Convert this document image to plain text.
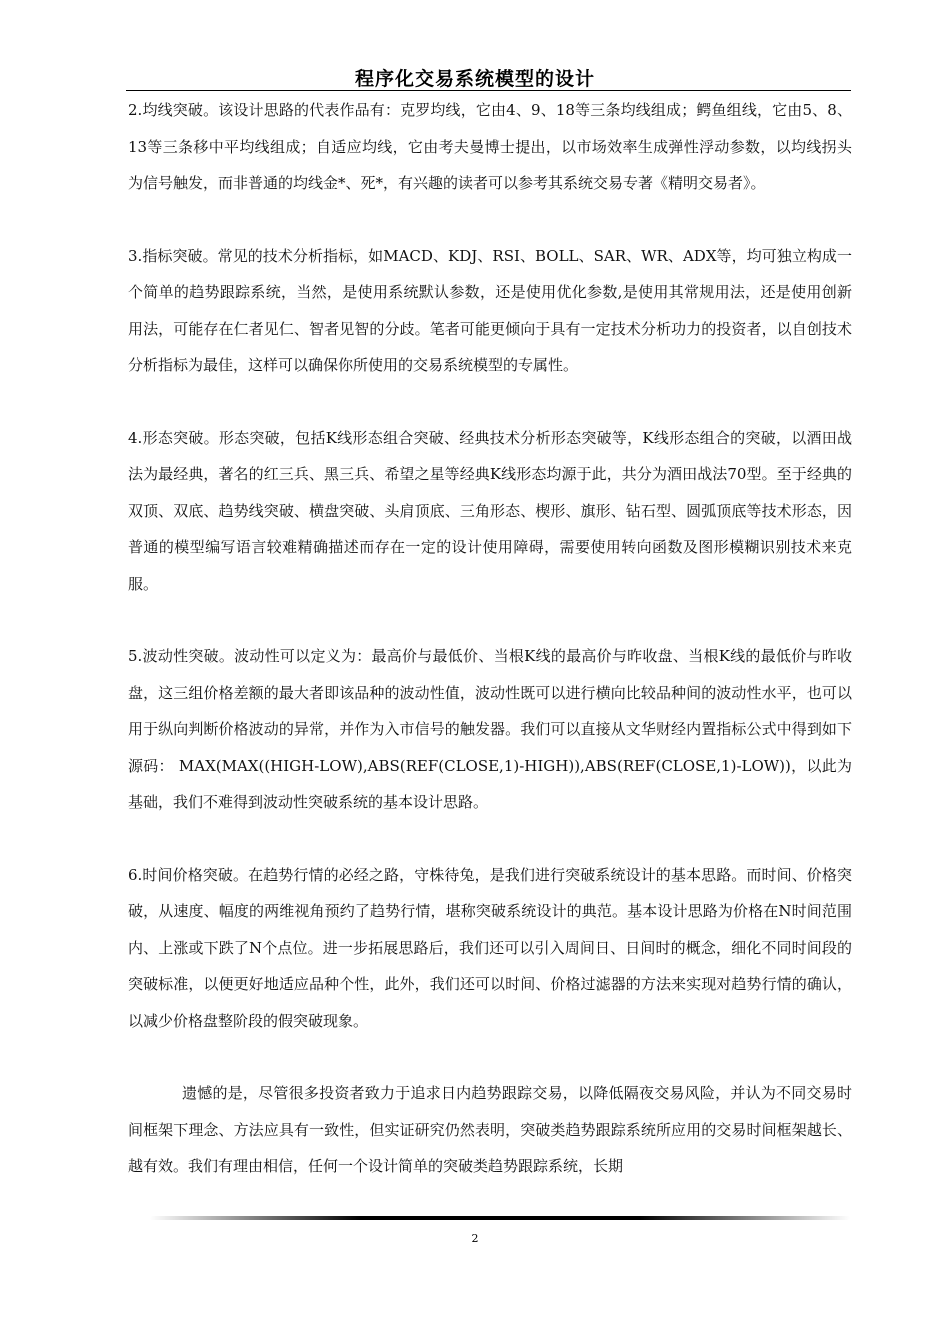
程序化交易系统模型的设计

2.均线突破。该设计思路的代表作品有：克罗均线，它由4、9、18等三条均线组成；鳄鱼组线，它由5、8、13等三条移中平均线组成；自适应均线，它由考夫曼博士提出，以市场效率生成弹性浮动参数，以均线拐头为信号触发，而非普通的均线金*、死*，有兴趣的读者可以参考其系统交易专著《精明交易者》。

3.指标突破。常见的技术分析指标，如MACD、KDJ、RSI、BOLL、SAR、WR、ADX等，均可独立构成一个简单的趋势跟踪系统，当然，是使用系统默认参数，还是使用优化参数,是使用其常规用法，还是使用创新用法，可能存在仁者见仁、智者见智的分歧。笔者可能更倾向于具有一定技术分析功力的投资者，以自创技术分析指标为最佳，这样可以确保你所使用的交易系统模型的专属性。

4.形态突破。形态突破，包括K线形态组合突破、经典技术分析形态突破等，K线形态组合的突破，以酒田战法为最经典，著名的红三兵、黑三兵、希望之星等经典K线形态均源于此，共分为酒田战法70型。至于经典的双顶、双底、趋势线突破、横盘突破、头肩顶底、三角形态、楔形、旗形、钻石型、圆弧顶底等技术形态，因普通的模型编写语言较难精确描述而存在一定的设计使用障碍，需要使用转向函数及图形模糊识别技术来克服。

5.波动性突破。波动性可以定义为：最高价与最低价、当根K线的最高价与昨收盘、当根K线的最低价与昨收盘，这三组价格差额的最大者即该品种的波动性值，波动性既可以进行横向比较品种间的波动性水平，也可以用于纵向判断价格波动的异常，并作为入市信号的触发器。我们可以直接从文华财经内置指标公式中得到如下源码： MAX(MAX((HIGH-LOW),ABS(REF(CLOSE,1)-HIGH)),ABS(REF(CLOSE,1)-LOW))，以此为基础，我们不难得到波动性突破系统的基本设计思路。

6.时间价格突破。在趋势行情的必经之路，守株待兔，是我们进行突破系统设计的基本思路。而时间、价格突破，从速度、幅度的两维视角预约了趋势行情，堪称突破系统设计的典范。基本设计思路为价格在N时间范围内、上涨或下跌了N个点位。进一步拓展思路后，我们还可以引入周间日、日间时的概念，细化不同时间段的突破标准，以便更好地适应品种个性，此外，我们还可以时间、价格过滤器的方法来实现对趋势行情的确认，以减少价格盘整阶段的假突破现象。

遗憾的是，尽管很多投资者致力于追求日内趋势跟踪交易，以降低隔夜交易风险，并认为不同交易时间框架下理念、方法应具有一致性，但实证研究仍然表明，突破类趋势跟踪系统所应用的交易时间框架越长、越有效。我们有理由相信，任何一个设计简单的突破类趋势跟踪系统，长期

2
